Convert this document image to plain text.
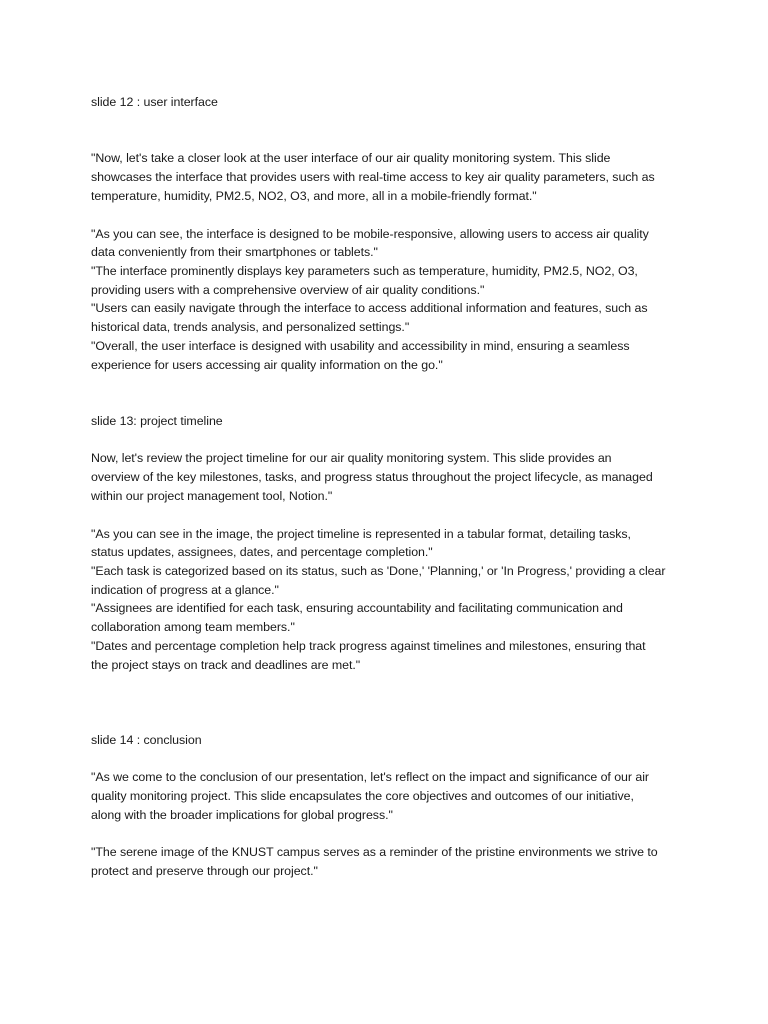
slide 12 : user interface
"Now, let's take a closer look at the user interface of our air quality monitoring system. This slide
showcases the interface that provides users with real-time access to key air quality parameters, such as
temperature, humidity, PM2.5, NO2, O3, and more, all in a mobile-friendly format."
"As you can see, the interface is designed to be mobile-responsive, allowing users to access air quality
data conveniently from their smartphones or tablets."
"The interface prominently displays key parameters such as temperature, humidity, PM2.5, NO2, O3,
providing users with a comprehensive overview of air quality conditions."
"Users can easily navigate through the interface to access additional information and features, such as
historical data, trends analysis, and personalized settings."
"Overall, the user interface is designed with usability and accessibility in mind, ensuring a seamless
experience for users accessing air quality information on the go."
slide 13: project timeline
Now, let's review the project timeline for our air quality monitoring system. This slide provides an
overview of the key milestones, tasks, and progress status throughout the project lifecycle, as managed
within our project management tool, Notion."
"As you can see in the image, the project timeline is represented in a tabular format, detailing tasks,
status updates, assignees, dates, and percentage completion."
"Each task is categorized based on its status, such as 'Done,' 'Planning,' or 'In Progress,' providing a clear
indication of progress at a glance."
"Assignees are identified for each task, ensuring accountability and facilitating communication and
collaboration among team members."
"Dates and percentage completion help track progress against timelines and milestones, ensuring that
the project stays on track and deadlines are met."
slide 14 : conclusion
"As we come to the conclusion of our presentation, let's reflect on the impact and significance of our air
quality monitoring project. This slide encapsulates the core objectives and outcomes of our initiative,
along with the broader implications for global progress."
"The serene image of the KNUST campus serves as a reminder of the pristine environments we strive to
protect and preserve through our project."
